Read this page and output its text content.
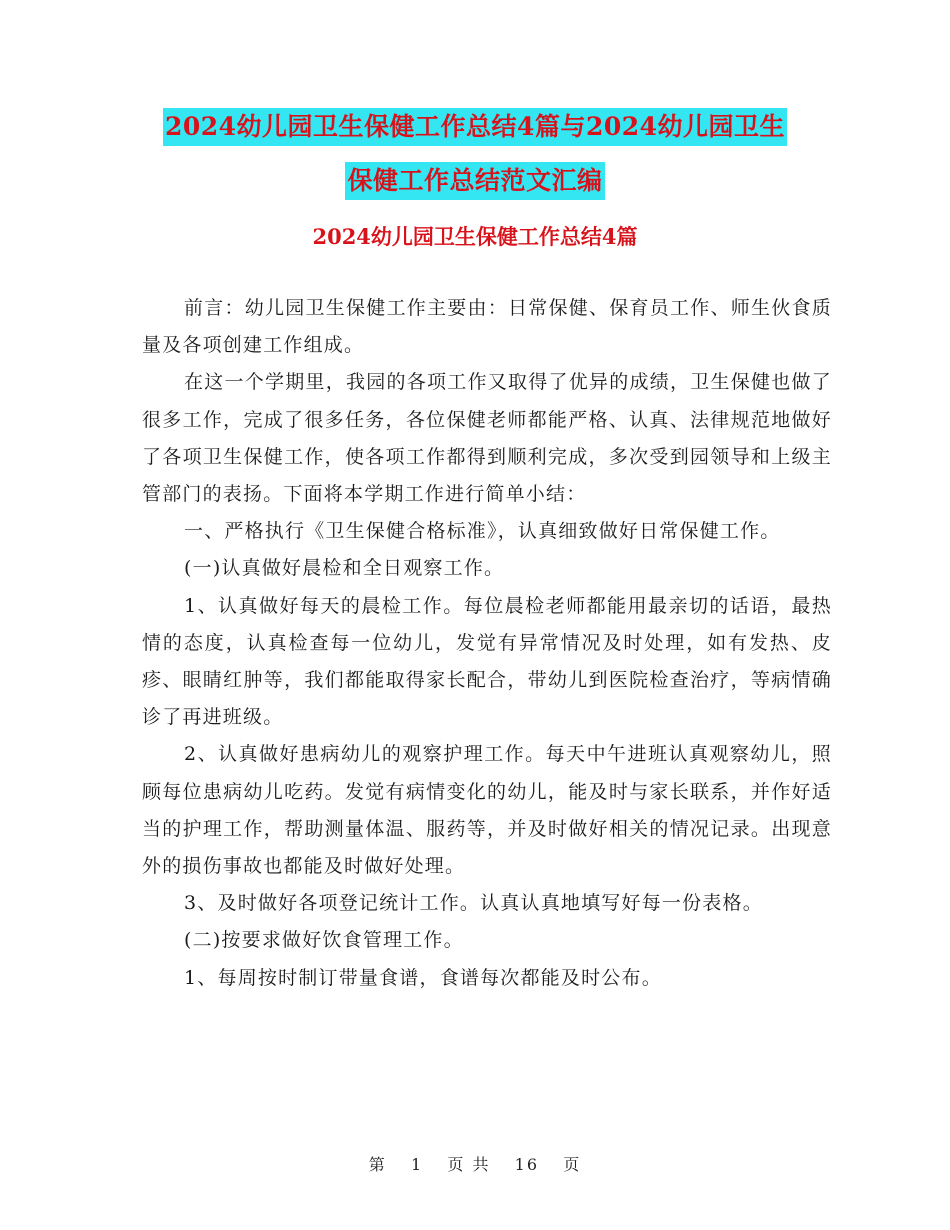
2024幼儿园卫生保健工作总结4篇与2024幼儿园卫生
保健工作总结范文汇编
2024幼儿园卫生保健工作总结4篇

前言：幼儿园卫生保健工作主要由：日常保健、保育员工作、师生伙食质量及各项创建工作组成。

在这一个学期里，我园的各项工作又取得了优异的成绩，卫生保健也做了很多工作，完成了很多任务，各位保健老师都能严格、认真、法律规范地做好了各项卫生保健工作，使各项工作都得到顺利完成，多次受到园领导和上级主管部门的表扬。下面将本学期工作进行简单小结：

一、严格执行《卫生保健合格标准》，认真细致做好日常保健工作。

(一)认真做好晨检和全日观察工作。

1、认真做好每天的晨检工作。每位晨检老师都能用最亲切的话语，最热情的态度，认真检查每一位幼儿，发觉有异常情况及时处理，如有发热、皮疹、眼睛红肿等，我们都能取得家长配合，带幼儿到医院检查治疗，等病情确诊了再进班级。

2、认真做好患病幼儿的观察护理工作。每天中午进班认真观察幼儿，照顾每位患病幼儿吃药。发觉有病情变化的幼儿，能及时与家长联系，并作好适当的护理工作，帮助测量体温、服药等，并及时做好相关的情况记录。出现意外的损伤事故也都能及时做好处理。

3、及时做好各项登记统计工作。认真认真地填写好每一份表格。

(二)按要求做好饮食管理工作。

1、每周按时制订带量食谱，食谱每次都能及时公布。

第 1 页 共 16 页
